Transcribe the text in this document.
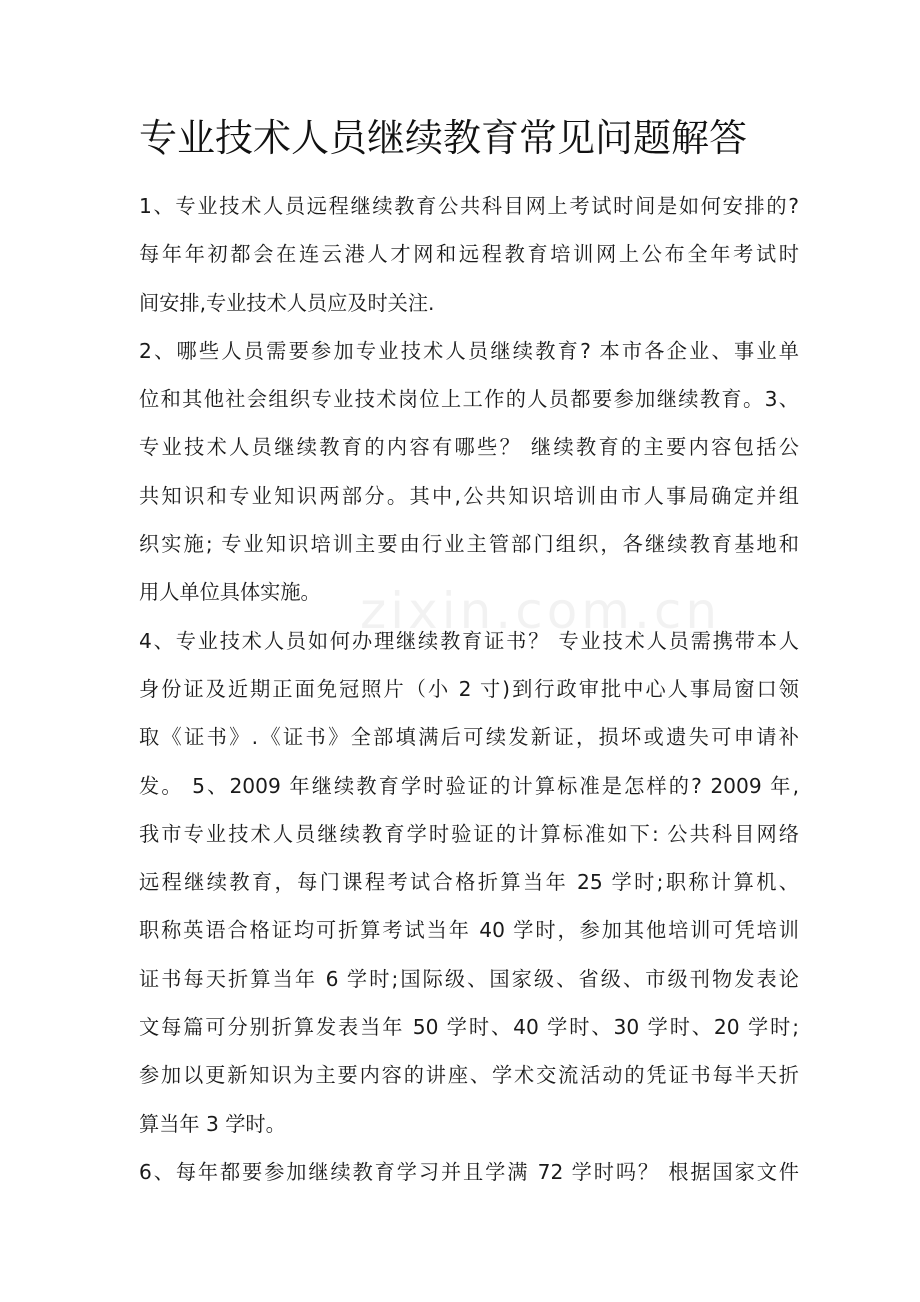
专业技术人员继续教育常见问题解答
zixin.com.cn
1、专业技术人员远程继续教育公共科目网上考试时间是如何安排的?
每年年初都会在连云港人才网和远程教育培训网上公布全年考试时
间安排,专业技术人员应及时关注.
2、哪些人员需要参加专业技术人员继续教育? 本市各企业、事业单
位和其他社会组织专业技术岗位上工作的人员都要参加继续教育。3、
专业技术人员继续教育的内容有哪些？ 继续教育的主要内容包括公
共知识和专业知识两部分。其中,公共知识培训由市人事局确定并组
织实施; 专业知识培训主要由行业主管部门组织，各继续教育基地和
用人单位具体实施。
4、专业技术人员如何办理继续教育证书？ 专业技术人员需携带本人
身份证及近期正面免冠照片（小 2 寸)到行政审批中心人事局窗口领
取《证书》.《证书》全部填满后可续发新证，损坏或遗失可申请补
发。 5、2009 年继续教育学时验证的计算标准是怎样的? 2009 年,
我市专业技术人员继续教育学时验证的计算标准如下: 公共科目网络
远程继续教育，每门课程考试合格折算当年 25 学时;职称计算机、
职称英语合格证均可折算考试当年 40 学时，参加其他培训可凭培训
证书每天折算当年 6 学时;国际级、国家级、省级、市级刊物发表论
文每篇可分别折算发表当年 50 学时、40 学时、30 学时、20 学时;
参加以更新知识为主要内容的讲座、学术交流活动的凭证书每半天折
算当年 3 学时。
6、每年都要参加继续教育学习并且学满 72 学时吗？ 根据国家文件
